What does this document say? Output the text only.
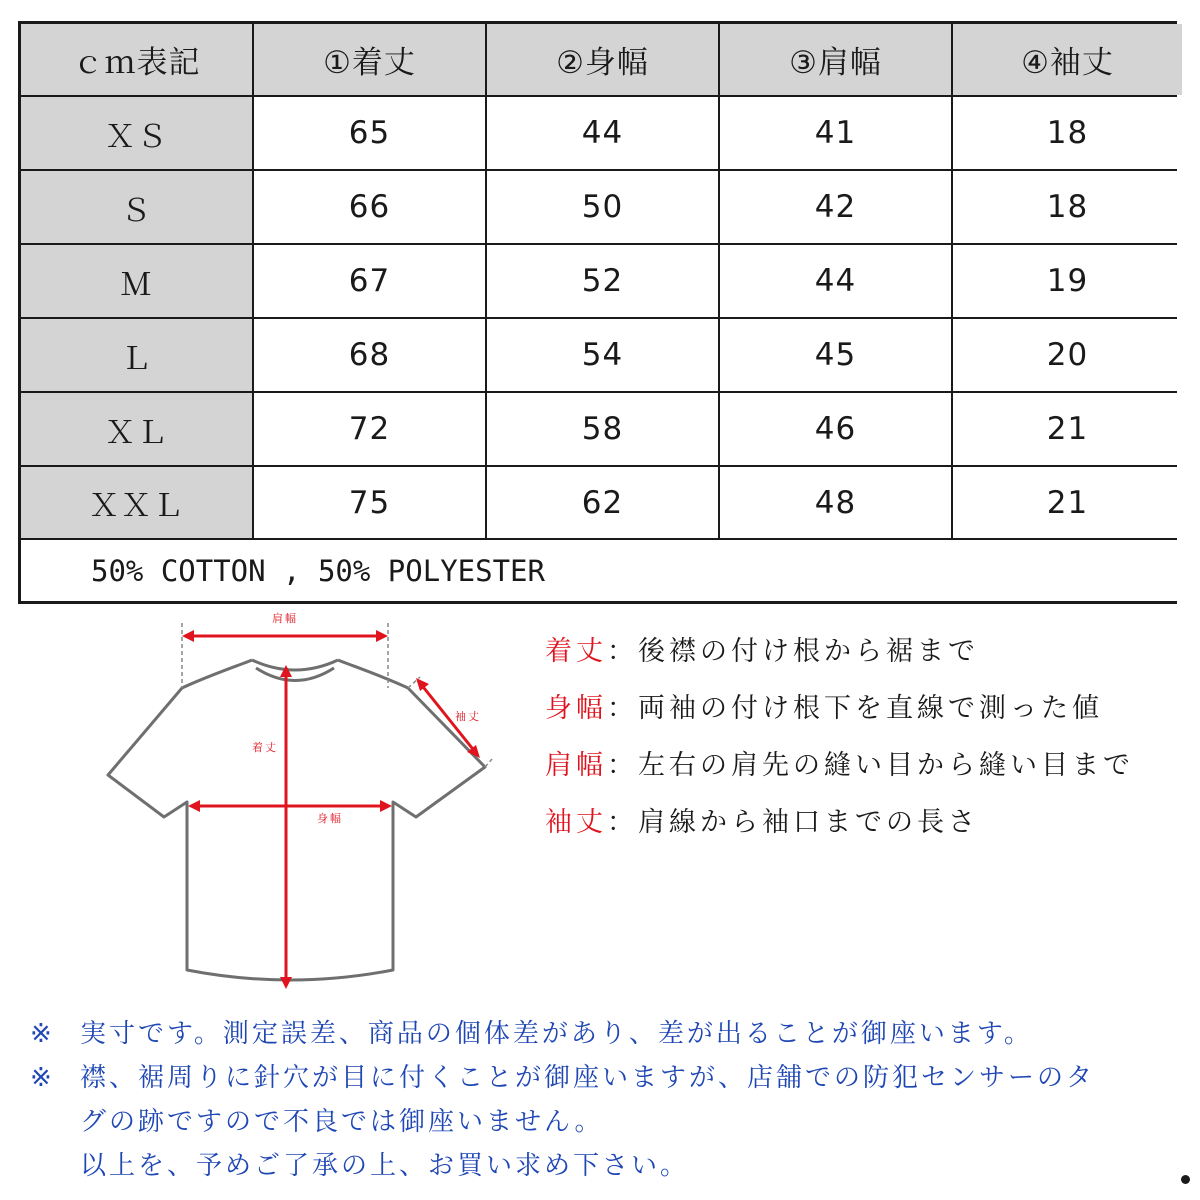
ｃｍ表記	①着丈	②身幅	③肩幅	④袖丈
ＸＳ	65	44	41	18
Ｓ	66	50	42	18
Ｍ	67	52	44	19
Ｌ	68	54	45	20
ＸＬ	72	58	46	21
ＸＸＬ	75	62	48	21
50% COTTON , 50% POLYESTER
肩幅
袖丈
着丈
身幅
着丈 ： 後襟の付け根から裾まで
身幅 ： 両袖の付け根下を直線で測った値
肩幅 ： 左右の肩先の縫い目から縫い目まで
袖丈 ： 肩線から袖口までの長さ
※ 実寸です。測定誤差、商品の個体差があり、差が出ることが御座います。
※ 襟、裾周りに針穴が目に付くことが御座いますが、店舗での防犯センサーのタ
グの跡ですので不良では御座いません。
以上を、予めご了承の上、お買い求め下さい。
